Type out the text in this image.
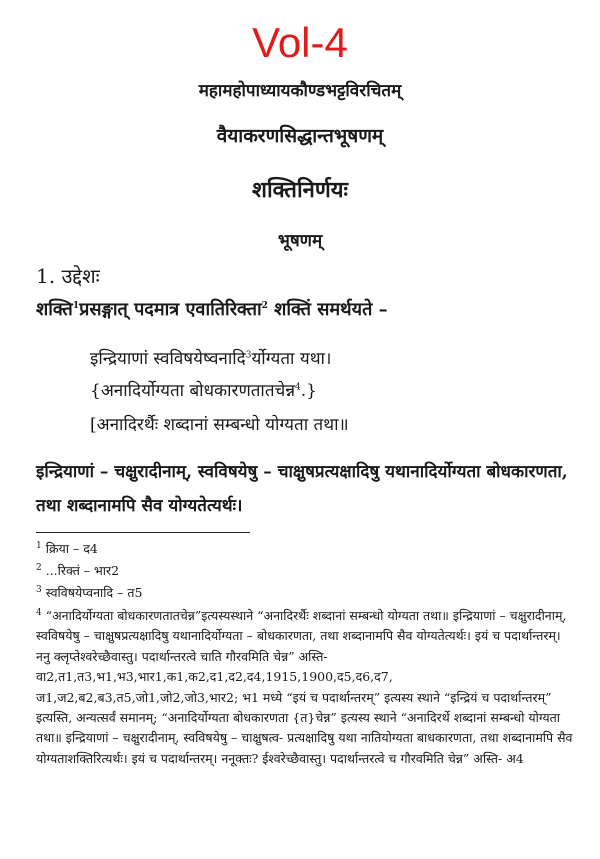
Vol-4
महामहोपाध्यायकौण्डभट्टविरचितम्
वैयाकरणसिद्धान्तभूषणम्
शक्तिनिर्णयः
भूषणम्
1. उद्देशः
शक्ति$^1$प्रसङ्गात् पदमात्र एवातिरिक्ता$^2$ शक्तिं समर्थयते –
इन्द्रियाणां स्वविषयेष्वनादि$^3$र्योग्यता यथा।
{अनादिर्योग्यता बोधकारणतातचेन्न$^4$.}
[अनादिरर्थैः शब्दानां सम्बन्धो योग्यता तथा॥
इन्द्रियाणां – चक्षुरादीनाम्, स्वविषयेषु – चाक्षुषप्रत्यक्षादिषु यथानादिर्योग्यता बोधकारणता, तथा शब्दानामपि सैव योग्यतेत्यर्थः।
$^1$ क्रिया – द4
$^2$ ...रिक्तं – भार2
$^3$ स्वविषयेप्वनादि – त5
$^4$ “अनादिर्योग्यता बोधकारणतातचेन्न”इत्यस्यस्थाने “अनादिरर्थैः शब्दानां सम्बन्धो योग्यता तथा॥ इन्द्रियाणां – चक्षुरादीनाम्, स्वविषयेषु – चाक्षुषप्रत्यक्षादिषु यथानादिर्योग्यता – बोधकारणता, तथा शब्दानामपि सैव योग्यतेत्यर्थः। इयं च पदार्थान्तरम्। ननु क्लृप्तेश्वरेच्छैवास्तु। पदार्थान्तरत्वे चाति गौरवमिति चेन्न” अस्ति- वा2,त1,त3,भ1,भ3,भार1,क1,क2,द1,द2,द4,1915,1900,द5,द6,द7, ज1,ज2,ब2,ब3,त5,जो1,जो2,जो3,भार2; भ1 मध्ये “इयं च पदार्थान्तरम्” इत्यस्य स्थाने “इन्द्रियं च पदार्थान्तरम्” इत्यस्ति, अन्यत्सर्वं समानम्; “अनादिर्योग्यता बोधकारणता {त}चेन्न” इत्यस्य स्थाने “अनादिरर्थे शब्दानां सम्बन्धो योग्यता तथा॥ इन्द्रियाणां – चक्षुरादीनाम्, स्वविषयेषु – चाक्षुषत्व- प्रत्यक्षादिषु यथा नातियोग्यता बाधकारणता, तथा शब्दानामपि सैव योग्यताशक्तिरित्यर्थः। इयं च पदार्थान्तरम्। ननूक्तः? ईश्वरेच्छैवास्तु। पदार्थान्तरत्वे च गौरवमिति चेन्न” अस्ति- अ4
